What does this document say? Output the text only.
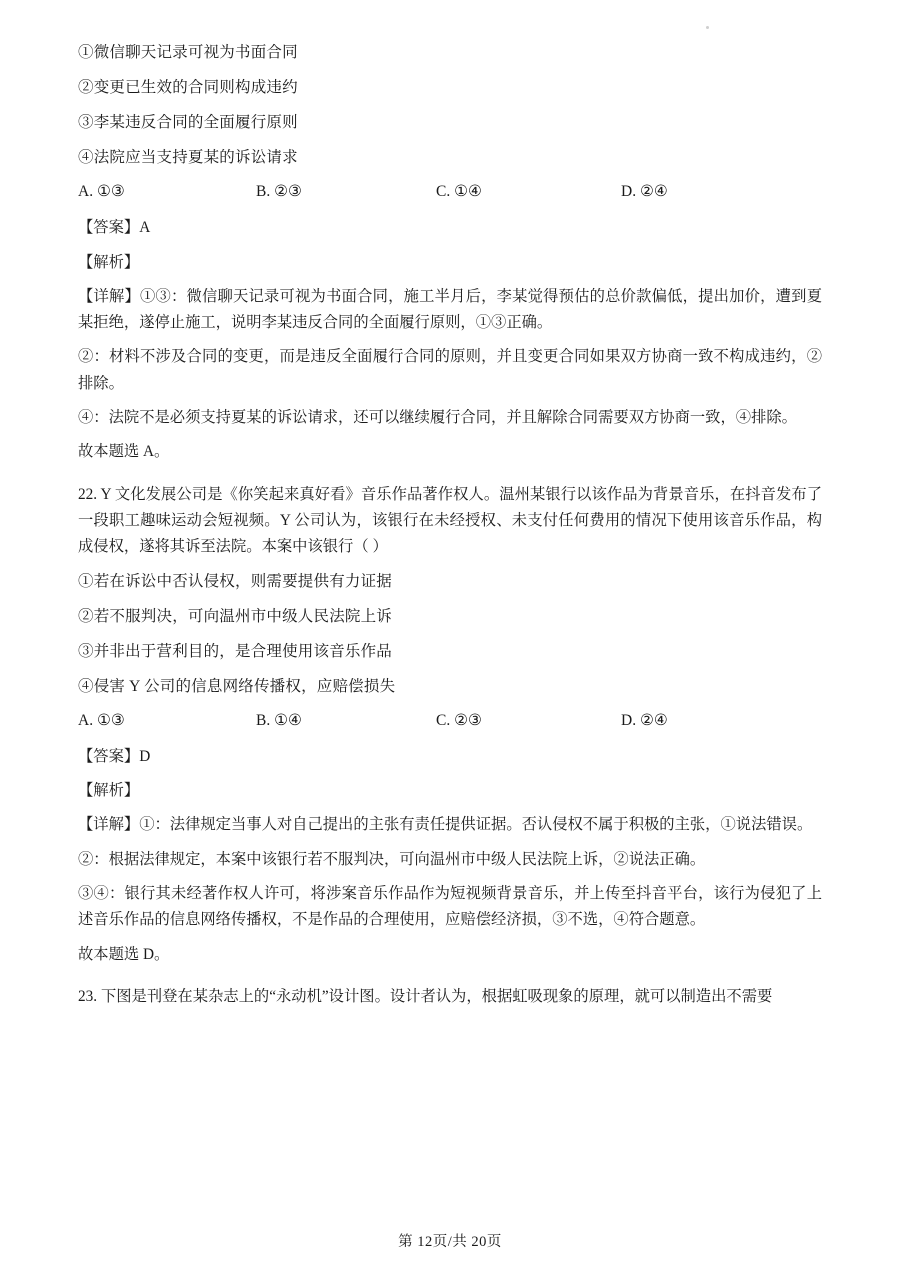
①微信聊天记录可视为书面合同

②变更已生效的合同则构成违约

③李某违反合同的全面履行原则

④法院应当支持夏某的诉讼请求

A. ①③	B. ②③	C. ①④	D. ②④

【答案】A

【解析】

【详解】①③：微信聊天记录可视为书面合同，施工半月后，李某觉得预估的总价款偏低，提出加价，遭到夏某拒绝，遂停止施工，说明李某违反合同的全面履行原则，①③正确。

②：材料不涉及合同的变更，而是违反全面履行合同的原则，并且变更合同如果双方协商一致不构成违约，②排除。

④：法院不是必须支持夏某的诉讼请求，还可以继续履行合同，并且解除合同需要双方协商一致，④排除。

故本题选 A。

22. Y 文化发展公司是《你笑起来真好看》音乐作品著作权人。温州某银行以该作品为背景音乐，在抖音发布了一段职工趣味运动会短视频。Y 公司认为，该银行在未经授权、未支付任何费用的情况下使用该音乐作品，构成侵权，遂将其诉至法院。本案中该银行（ ）

①若在诉讼中否认侵权，则需要提供有力证据

②若不服判决，可向温州市中级人民法院上诉

③并非出于营利目的，是合理使用该音乐作品

④侵害 Y 公司的信息网络传播权，应赔偿损失

A. ①③	B. ①④	C. ②③	D. ②④

【答案】D

【解析】

【详解】①：法律规定当事人对自己提出的主张有责任提供证据。否认侵权不属于积极的主张，①说法错误。

②：根据法律规定，本案中该银行若不服判决，可向温州市中级人民法院上诉，②说法正确。

③④：银行其未经著作权人许可，将涉案音乐作品作为短视频背景音乐，并上传至抖音平台，该行为侵犯了上述音乐作品的信息网络传播权，不是作品的合理使用，应赔偿经济损，③不选，④符合题意。

故本题选 D。

23. 下图是刊登在某杂志上的“永动机”设计图。设计者认为，根据虹吸现象的原理，就可以制造出不需要

第 12页/共 20页
